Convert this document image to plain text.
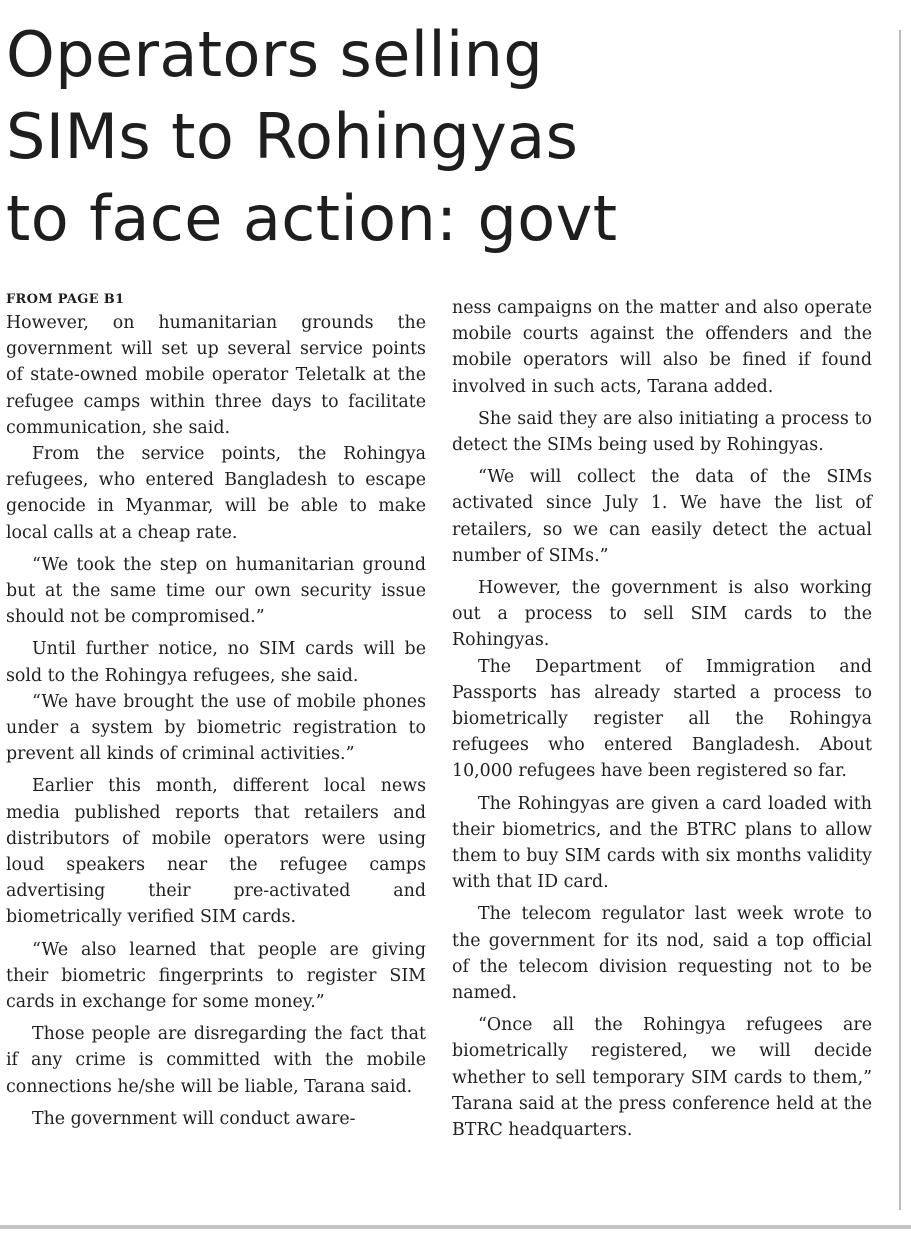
Operators selling
SIMs to Rohingyas
to face action: govt

FROM PAGE B1

However, on humanitarian grounds the government will set up several service points of state-owned mobile operator Teletalk at the refugee camps within three days to facilitate communication, she said.

From the service points, the Rohingya refugees, who entered Bangladesh to escape genocide in Myanmar, will be able to make local calls at a cheap rate.

“We took the step on humanitarian ground but at the same time our own security issue should not be compromised.”

Until further notice, no SIM cards will be sold to the Rohingya refugees, she said.

“We have brought the use of mobile phones under a system by biometric registration to prevent all kinds of criminal activities.”

Earlier this month, different local news media published reports that retailers and distributors of mobile operators were using loud speakers near the refugee camps advertising their pre-activated and biometrically verified SIM cards.

“We also learned that people are giving their biometric fingerprints to register SIM cards in exchange for some money.”

Those people are disregarding the fact that if any crime is committed with the mobile connections he/she will be liable, Tarana said.

The government will conduct aware-

ness campaigns on the matter and also operate mobile courts against the offenders and the mobile operators will also be fined if found involved in such acts, Tarana added.

She said they are also initiating a process to detect the SIMs being used by Rohingyas.

“We will collect the data of the SIMs activated since July 1. We have the list of retailers, so we can easily detect the actual number of SIMs.”

However, the government is also working out a process to sell SIM cards to the Rohingyas.

The Department of Immigration and Passports has already started a process to biometrically register all the Rohingya refugees who entered Bangladesh. About 10,000 refugees have been registered so far.

The Rohingyas are given a card loaded with their biometrics, and the BTRC plans to allow them to buy SIM cards with six months validity with that ID card.

The telecom regulator last week wrote to the government for its nod, said a top official of the telecom division requesting not to be named.

“Once all the Rohingya refugees are biometrically registered, we will decide whether to sell temporary SIM cards to them,” Tarana said at the press conference held at the BTRC headquarters.
